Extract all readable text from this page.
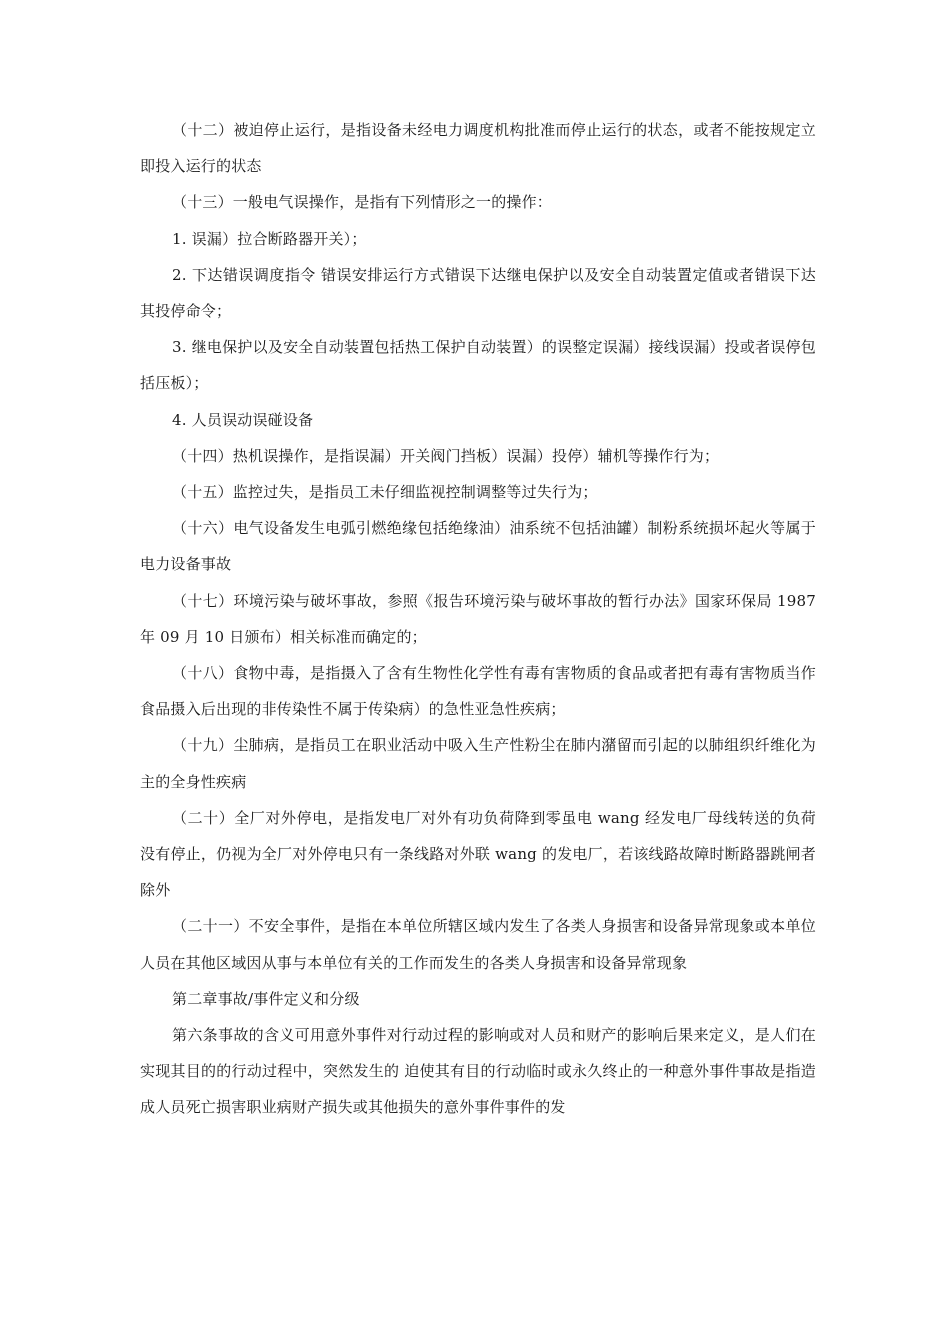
（十二）被迫停止运行，是指设备未经电力调度机构批准而停止运行的状态，或者不能按规定立即投入运行的状态

（十三）一般电气误操作，是指有下列情形之一的操作：

1. 误漏）拉合断路器开关）；

2. 下达错误调度指令 错误安排运行方式错误下达继电保护以及安全自动装置定值或者错误下达其投停命令；

3. 继电保护以及安全自动装置包括热工保护自动装置）的误整定误漏）接线误漏）投或者误停包括压板）；

4. 人员误动误碰设备

（十四）热机误操作，是指误漏）开关阀门挡板）误漏）投停）辅机等操作行为；

（十五）监控过失，是指员工未仔细监视控制调整等过失行为；

（十六）电气设备发生电弧引燃绝缘包括绝缘油）油系统不包括油罐）制粉系统损坏起火等属于电力设备事故

（十七）环境污染与破坏事故，参照《报告环境污染与破坏事故的暂行办法》国家环保局 1987 年 09 月 10 日颁布）相关标准而确定的；

（十八）食物中毒，是指摄入了含有生物性化学性有毒有害物质的食品或者把有毒有害物质当作食品摄入后出现的非传染性不属于传染病）的急性亚急性疾病；

（十九）尘肺病，是指员工在职业活动中吸入生产性粉尘在肺内潴留而引起的以肺组织纤维化为主的全身性疾病

（二十）全厂对外停电，是指发电厂对外有功负荷降到零虽电 wang 经发电厂母线转送的负荷没有停止，仍视为全厂对外停电只有一条线路对外联 wang 的发电厂，若该线路故障时断路器跳闸者除外

（二十一）不安全事件，是指在本单位所辖区域内发生了各类人身损害和设备异常现象或本单位人员在其他区域因从事与本单位有关的工作而发生的各类人身损害和设备异常现象

第二章事故/事件定义和分级

第六条事故的含义可用意外事件对行动过程的影响或对人员和财产的影响后果来定义，是人们在实现其目的的行动过程中，突然发生的 迫使其有目的行动临时或永久终止的一种意外事件事故是指造成人员死亡损害职业病财产损失或其他损失的意外事件事件的发
